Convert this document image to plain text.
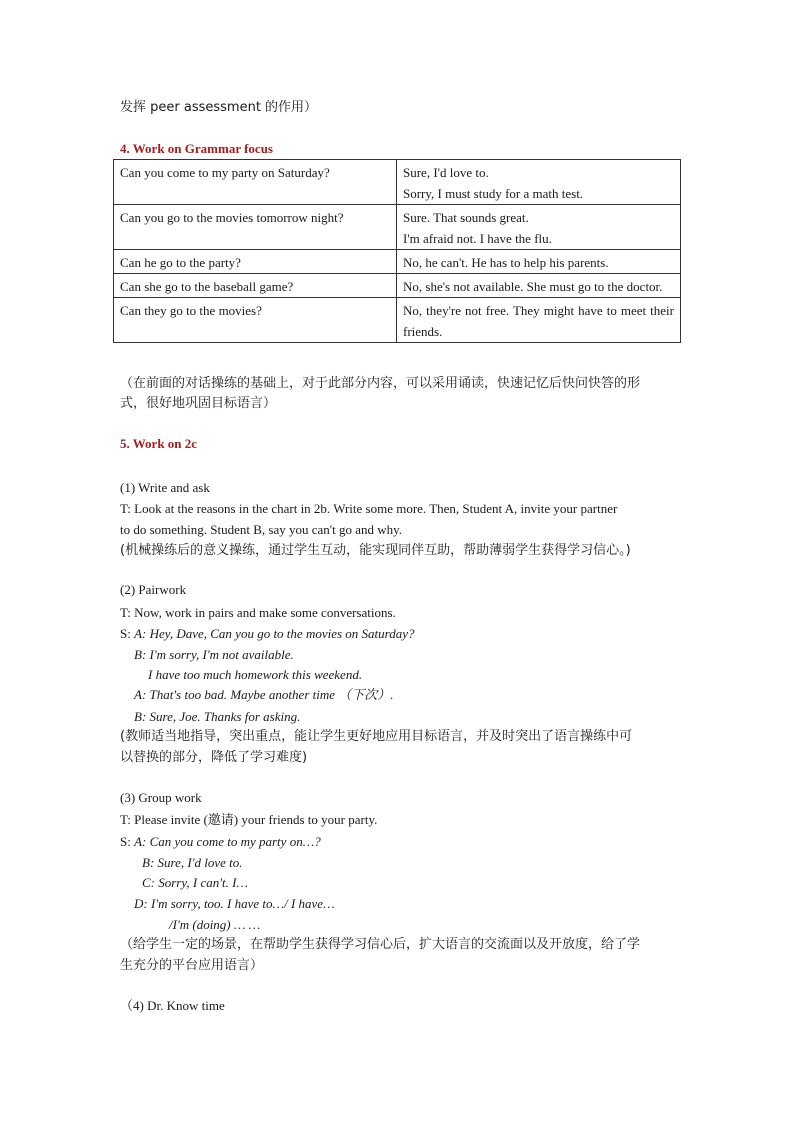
发挥 peer assessment 的作用）
4. Work on Grammar focus
Can you come to my party on Saturday?	Sure, I'd love to.
Sorry, I must study for a math test.

Can you go to the movies tomorrow night?	Sure. That sounds great.
I'm afraid not. I have the flu.

Can he go to the party?	No, he can't. He has to help his parents.

Can she go to the baseball game?	No, she's not available. She must go to the doctor.
Can they go to the movies?	No, they're not free. They might have to meet their friends.
（在前面的对话操练的基础上，对于此部分内容，可以采用诵读，快速记忆后快问快答的形
式，很好地巩固目标语言）
5. Work on 2c
(1) Write and ask
T: Look at the reasons in the chart in 2b. Write some more. Then, Student A, invite your partner
to do something. Student B, say you can't go and why.
(机械操练后的意义操练，通过学生互动，能实现同伴互助，帮助薄弱学生获得学习信心。)
(2) Pairwork
T: Now, work in pairs and make some conversations.
S: A: Hey, Dave, Can you go to the movies on Saturday?
B: I'm sorry, I'm not available.
I have too much homework this weekend.
A: That's too bad. Maybe another time （下次）.
B: Sure, Joe. Thanks for asking.
(教师适当地指导，突出重点，能让学生更好地应用目标语言，并及时突出了语言操练中可
以替换的部分，降低了学习难度)
(3) Group work
T: Please invite (邀请) your friends to your party.
S: A: Can you come to my party on…?
B: Sure, I'd love to.
C: Sorry, I can't. I…
D: I'm sorry, too. I have to…/ I have…
/I'm (doing) … …
（给学生一定的场景，在帮助学生获得学习信心后，扩大语言的交流面以及开放度，给了学
生充分的平台应用语言）
（4) Dr. Know time
